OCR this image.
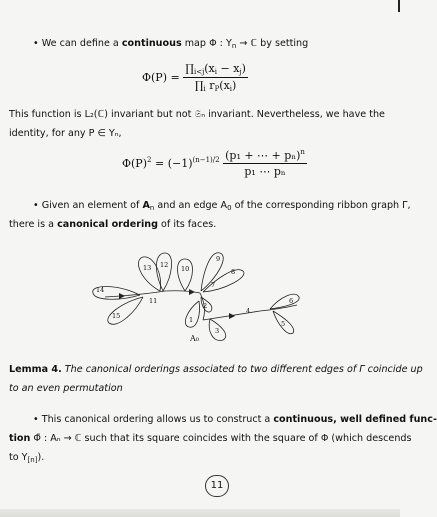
• We can define a continuous map Φ : $Y_n$ → ℂ by setting
$\Phi(P) = \frac{\prod_{i<j}(x_i - x_j)}{\prod_i r_P(x_i)}$
This function is L₂(ℂ) invariant but not 𝔖ₙ invariant. Nevertheless, we have the
identity, for any P ∈ Yₙ,
$\Phi(P)^2 = (-1)^{(n-1)/2} \frac{(p_1 + \cdots + p_n)^n}{\text{p₁ ⋯ pₙ}}$
• Given an element of $A_n$ and an edge $A_0$ of the corresponding ribbon graph Γ,
there is a canonical ordering of its faces.
14
15
13 12
11
10
9
8
7
2
1
3
4
6
5
A₀
Lemma 4. The canonical orderings associated to two different edges of Γ coincide up
to an even permutation
• This canonical ordering allows us to construct a continuous, well defined func-
tion Φ̃ : Aₙ → ℂ such that its square coincides with the square of Φ (which descends
to $Y_{[n]}$).
11
